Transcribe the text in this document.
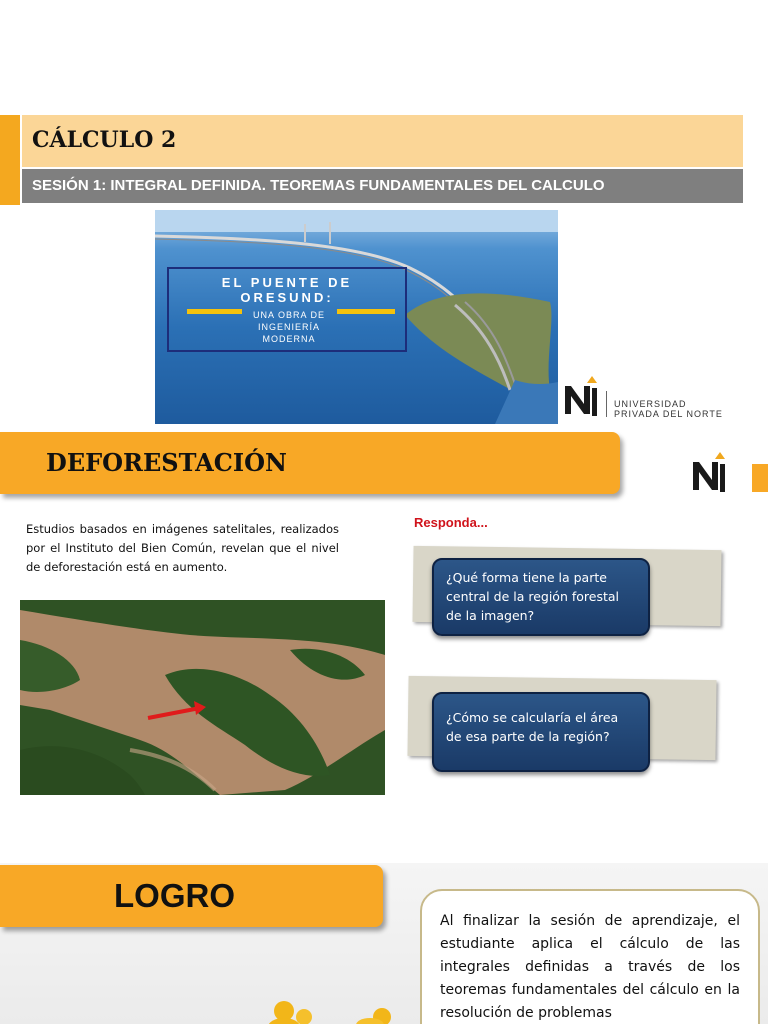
CÁLCULO 2
SESIÓN 1: INTEGRAL DEFINIDA. TEOREMAS FUNDAMENTALES DEL CALCULO
EL PUENTE DE
ORESUND:
UNA OBRA DE INGENIERÍA MODERNA
UNIVERSIDAD
PRIVADA DEL NORTE
DEFORESTACIÓN
Estudios basados en imágenes satelitales, realizados por el Instituto del Bien Común, revelan que el nivel de deforestación está en aumento.
Responda...
¿Qué forma tiene la parte central de la región forestal de la imagen?
¿Cómo se calcularía el área de esa parte de la región?
LOGRO
Al finalizar la sesión de aprendizaje, el estudiante aplica el cálculo de las integrales definidas a través de los teoremas fundamentales del cálculo en la resolución de problemas
